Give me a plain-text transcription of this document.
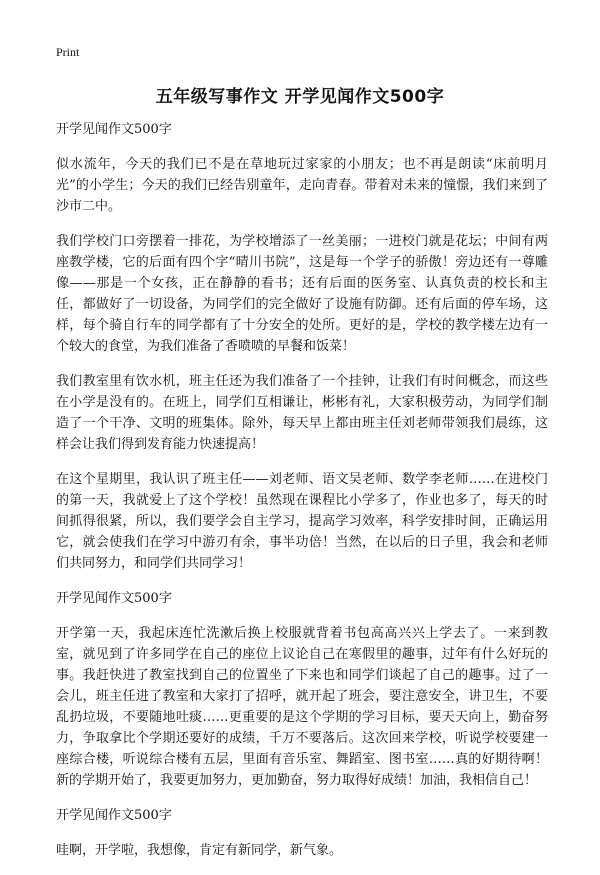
Print
五年级写事作文 开学见闻作文500字

开学见闻作文500字

似水流年，今天的我们已不是在草地玩过家家的小朋友；也不再是朗读“床前明月光”的小学生；今天的我们已经告别童年，走向青春。带着对未来的憧憬，我们来到了沙市二中。

我们学校门口旁摆着一排花，为学校增添了一丝美丽；一进校门就是花坛；中间有两座教学楼，它的后面有四个字“晴川书院”，这是每一个学子的骄傲！旁边还有一尊雕像——那是一个女孩，正在静静的看书；还有后面的医务室、认真负责的校长和主任，都做好了一切设备，为同学们的完全做好了设施有防御。还有后面的停车场，这样，每个骑自行车的同学都有了十分安全的处所。更好的是，学校的教学楼左边有一个较大的食堂，为我们准备了香喷喷的早餐和饭菜！

我们教室里有饮水机，班主任还为我们准备了一个挂钟，让我们有时间概念，而这些在小学是没有的。在班上，同学们互相谦让，彬彬有礼，大家积极劳动，为同学们制造了一个干净、文明的班集体。除外，每天早上都由班主任刘老师带领我们晨练，这样会让我们得到发育能力快速提高！

在这个星期里，我认识了班主任——刘老师、语文吴老师、数学李老师……在进校门的第一天，我就爱上了这个学校！虽然现在课程比小学多了，作业也多了，每天的时间抓得很紧，所以，我们要学会自主学习，提高学习效率，科学安排时间，正确运用它，就会使我们在学习中游刃有余，事半功倍！当然，在以后的日子里，我会和老师们共同努力，和同学们共同学习！

开学见闻作文500字

开学第一天，我起床连忙洗漱后换上校服就背着书包高高兴兴上学去了。一来到教室，就见到了许多同学在自己的座位上议论自己在寒假里的趣事，过年有什么好玩的事。我赶快进了教室找到自己的位置坐了下来也和同学们谈起了自己的趣事。过了一会儿，班主任进了教室和大家打了招呼，就开起了班会，要注意安全，讲卫生，不要乱扔垃圾，不要随地吐痰……更重要的是这个学期的学习目标，要天天向上，勤奋努力，争取拿比个学期还要好的成绩，千万不要落后。这次回来学校，听说学校要建一座综合楼，听说综合楼有五层，里面有音乐室、舞蹈室、图书室……真的好期待啊！新的学期开始了，我要更加努力，更加勤奋，努力取得好成绩！加油，我相信自己！

开学见闻作文500字

哇啊，开学啦，我想像，肯定有新同学，新气象。
